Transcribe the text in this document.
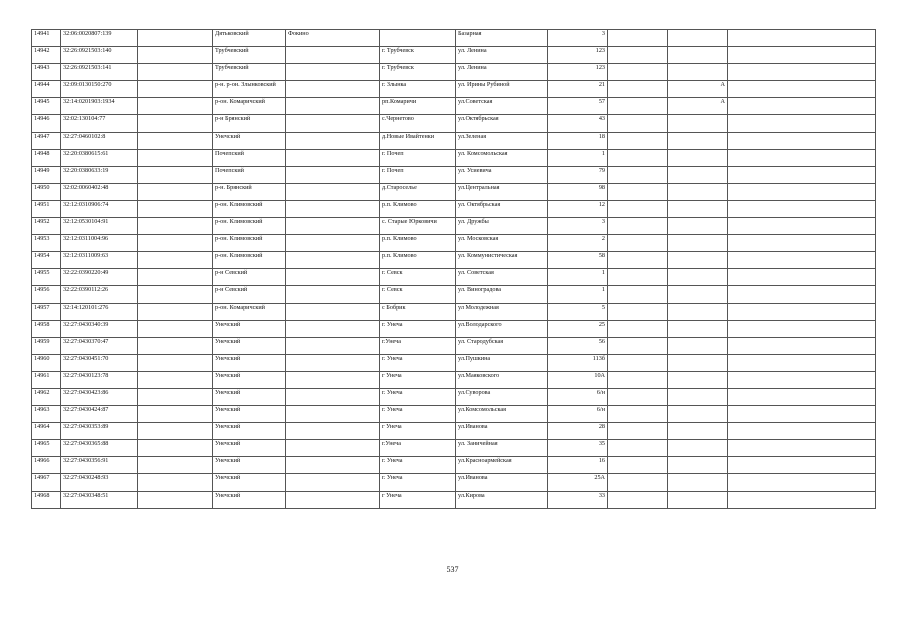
14941	32:06:0020807:139		Дятьковский	Фокино		Базарная	3			
14942	32:26:0921503:140		Трубчевский		г. Трубчевск	ул. Ленина	123			
14943	32:26:0921503:141		Трубчевский		г. Трубчевск	ул. Ленина	123			
14944	32:09:0130150:270		р-н. р-он. Злынковский		г. Злынка	ул. Ирины Рубиной	21		А	
14945	32:14:0201903:1934		р-он. Комаричский		рп.Комаричи	ул.Советская	57		А	
14946	32:02:130104:77		р-н Брянский		с.Чернетово	ул.Октябрьская	43			
14947	32:27:0460102:8		Унечский		д.Новые Ивайтенки	ул.Зеленая	18			
14948	32:20:0380615:61		Почепский		г. Почеп	ул. Комсомольская	1			
14949	32:20:0380633:19		Почепский		г. Почеп	ул. Усиевича	79			
14950	32:02:0060402:48		р-н. Брянский		д.Староселье	ул.Центральная	98			
14951	32:12:0310906:74		р-он. Климовский		р.п. Климово	ул. Октябрьская	12			
14952	32:12:0530104:91		р-он. Климовский		с. Старые Юрковичи	ул. Дружбы	3			
14953	32:12:0311004:96		р-он. Климовский		р.п. Климово	ул. Московская	2			
14954	32:12:0311009:63		р-он. Климовский		р.п. Климово	ул. Коммунистическая	58			
14955	32:22:0390220:49		р-н Севский		г. Севск	ул. Советская	1			
14956	32:22:0390112:26		р-н Севский		г. Севск	ул. Виноградова	1			
14957	32:14:120101:276		р-он. Комаричский		с Бобрик	ул Молодежная	5			
14958	32:27:0430340:39		Унечский		г. Унеча	ул.Володарского	25			
14959	32:27:0430370:47		Унечский		г.Унеча	ул. Стародубская	56			
14960	32:27:0430451:70		Унечский		г. Унеча	ул.Пушкина	113б			
14961	32:27:0430123:78		Унечский		г Унеча	ул.Маяковского	10А			
14962	32:27:0430423:86		Унечский		г. Унеча	ул.Суворова	6/н			
14963	32:27:0430424:87		Унечский		г. Унеча	ул.Комсомольская	6/н			
14964	32:27:0430353:89		Унечский		г Унеча	ул.Иванова	28			
14965	32:27:0430365:88		Унечский		г.Унеча	ул. Заничейная	35			
14966	32:27:0430356:91		Унечский		г. Унеча	ул.Красноармейская	16			
14967	32:27:0430248:93		Унечский		г. Унеча	ул.Иванова	25А			
14968	32:27:0430348:51		Унечский		г Унеча	ул.Кирова	33			
537
